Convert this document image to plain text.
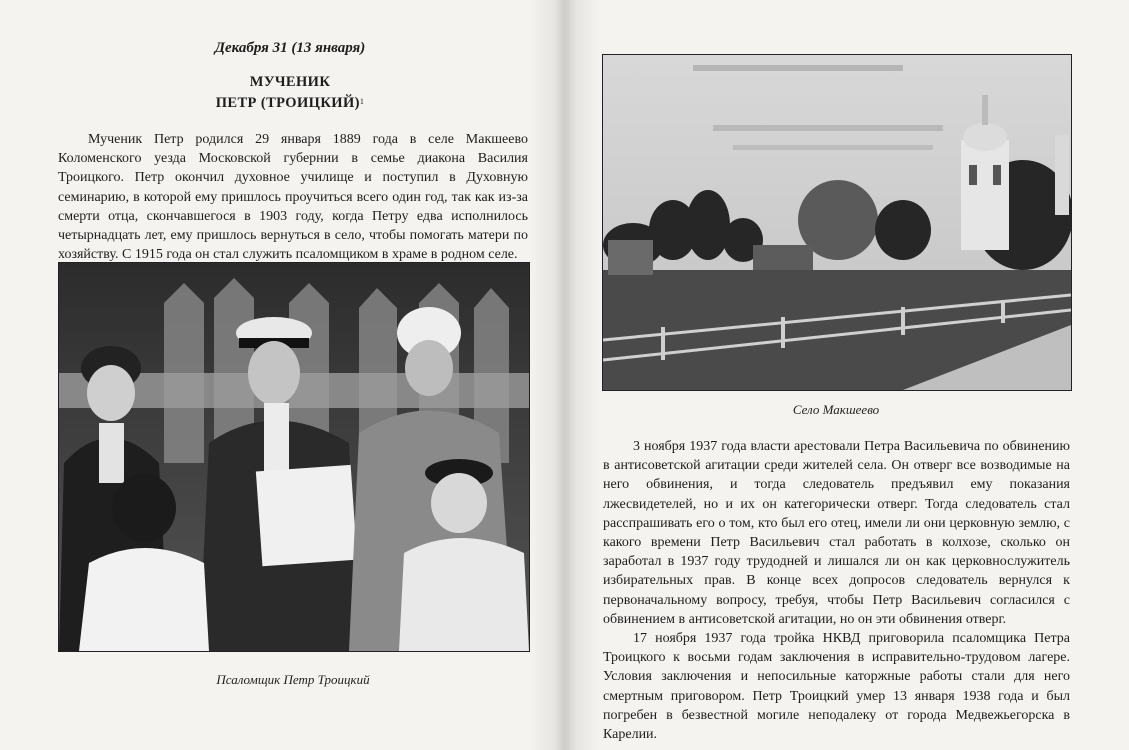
Декабря 31 (13 января)
МУЧЕНИК
ПЕТР (ТРОИЦКИЙ)$^1$

Мученик Петр родился 29 января 1889 года в селе Макшеево Коломенского уезда Московской губернии в семье диакона Василия Троицкого. Петр окончил духовное училище и поступил в Духовную семинарию, в которой ему пришлось проучиться всего один год, так как из-за смерти отца, скончавшегося в 1903 году, когда Петру едва исполнилось четырнадцать лет, ему пришлось вернуться в село, чтобы помогать матери по хозяйству. С 1915 года он стал служить псаломщиком в храме в родном селе.

Псаломщик Петр Троицкий
Село Макшеево

3 ноября 1937 года власти арестовали Петра Васильевича по обвинению в антисоветской агитации среди жителей села. Он отверг все возводимые на него обвинения, и тогда следователь предъявил ему показания лжесвидетелей, но и их он категорически отверг. Тогда следователь стал расспрашивать его о том, кто был его отец, имели ли они церковную землю, с какого времени Петр Васильевич стал работать в колхозе, сколько он заработал в 1937 году трудодней и лишался ли он как церковнослужитель избирательных прав. В конце всех допросов следователь вернулся к первоначальному вопросу, требуя, чтобы Петр Васильевич согласился с обвинением в антисоветской агитации, но он эти обвинения отверг.

17 ноября 1937 года тройка НКВД приговорила псаломщика Петра Троицкого к восьми годам заключения в исправительно-трудовом лагере. Условия заключения и непосильные каторжные работы стали для него смертным приговором. Петр Троицкий умер 13 января 1938 года и был погребен в безвестной могиле неподалеку от города Медвежьегорска в Карелии.
